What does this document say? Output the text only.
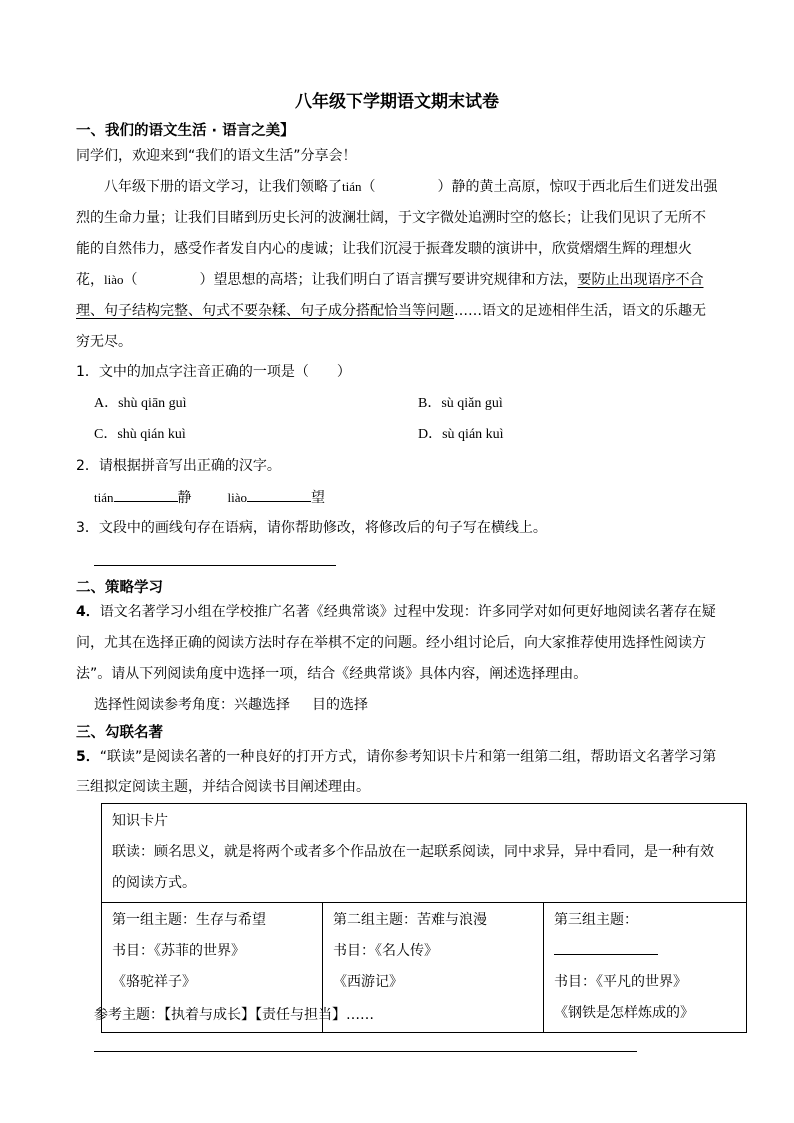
八年级下学期语文期末试卷
一、我们的语文生活 · 语言之美】
同学们，欢迎来到“我们的语文生活”分享会！
八年级下册的语文学习，让我们领略了tián（	）静的黄土高原，惊叹于西北后生们迸发出强
烈的生命力量；让我们目睹到历史长河的波澜壮阔，于文字微处追溯时空的悠长；让我们见识了无所不
能的自然伟力，感受作者发自内心的虔诚；让我们沉浸于振聋发聩的演讲中，欣赏熠熠生辉的理想火
花，liào（	）望思想的高塔；让我们明白了语言撰写要讲究规律和方法，要防止出现语序不合
理、句子结构完整、句式不要杂糅、句子成分搭配恰当等问题……语文的足迹相伴生活，语文的乐趣无
穷无尽。
1．文中的加点字注音正确的一项是（　　）
A．shù qiān guì	B．sù qiǎn guì
C．shù qián kuì	D．sù qián kuì
2．请根据拼音写出正确的汉字。
tián	静	liào	望
3．文段中的画线句存在语病，请你帮助修改，将修改后的句子写在横线上。
二、策略学习
4．语文名著学习小组在学校推广名著《经典常谈》过程中发现：许多同学对如何更好地阅读名著存在疑
问，尤其在选择正确的阅读方法时存在举棋不定的问题。经小组讨论后，向大家推荐使用选择性阅读方
法”。请从下列阅读角度中选择一项，结合《经典常谈》具体内容，阐述选择理由。
选择性阅读参考角度：兴趣选择 目的选择
三、勾联名著
5．“联读”是阅读名著的一种良好的打开方式，请你参考知识卡片和第一组第二组，帮助语文名著学习第
三组拟定阅读主题，并结合阅读书目阐述理由。
知识卡片
联读：顾名思义，就是将两个或者多个作品放在一起联系阅读，同中求异，异中看同，是一种有效
的阅读方式。

第一组主题：生存与希望
书目：《苏菲的世界》
《骆驼祥子》

第二组主题：苦难与浪漫
书目：《名人传》
《西游记》

第三组主题：
书目：《平凡的世界》
《钢铁是怎样炼成的》
参考主题：【执着与成长】【责任与担当】……
